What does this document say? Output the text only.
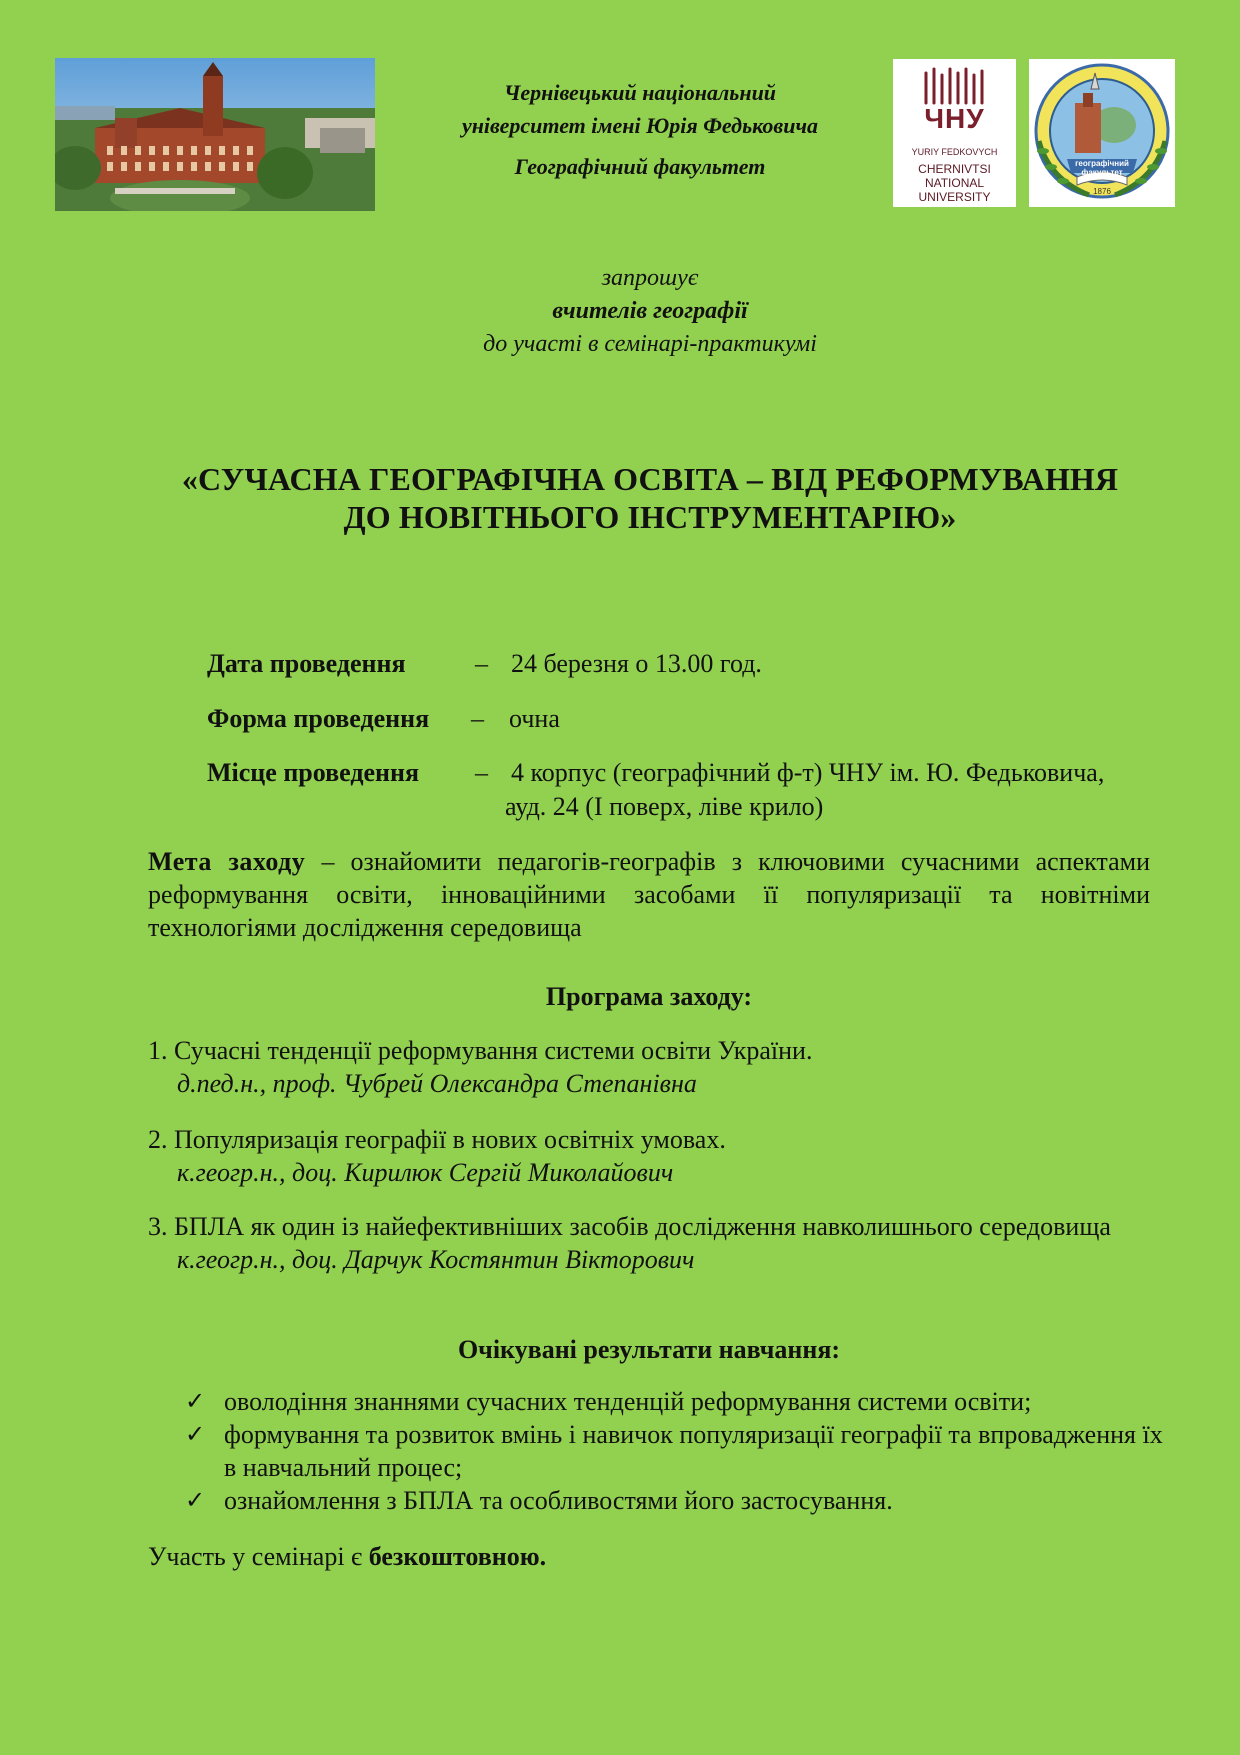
Чернівецький національний
університет імені Юрія Федьковича
Географічний факультет
ЧНУ
YURIY FEDKOVYCH
CHERNIVTSI
NATIONAL
UNIVERSITY
географічний факультет
1876
запрошує
вчителів географії
до участі в семінарі-практикумі
«СУЧАСНА ГЕОГРАФІЧНА ОСВІТА – ВІД РЕФОРМУВАННЯ
ДО НОВІТНЬОГО ІНСТРУМЕНТАРІЮ»
Дата проведення	– 24 березня о 13.00 год.
Форма проведення – очна
Місце проведення – 4 корпус (географічний ф-т) ЧНУ ім. Ю. Федьковича,
ауд. 24 (І поверх, ліве крило)
Мета заходу – ознайомити педагогів-географів з ключовими сучасними аспектами реформування освіти, інноваційними засобами її популяризації та новітніми технологіями дослідження середовища
Програма заходу:
1. Сучасні тенденції реформування системи освіти України.
д.пед.н., проф. Чубрей Олександра Степанівна
2. Популяризація географії в нових освітніх умовах.
к.геогр.н., доц. Кирилюк Сергій Миколайович
3. БПЛА як один із найефективніших засобів дослідження навколишнього середовища
к.геогр.н., доц. Дарчук Костянтин Вікторович
Очікувані результати навчання:
✓ оволодіння знаннями сучасних тенденцій реформування системи освіти;
✓ формування та розвиток вмінь і навичок популяризації географії та впровадження їх в навчальний процес;
✓ ознайомлення з БПЛА та особливостями його застосування.
Участь у семінарі є безкоштовною.
